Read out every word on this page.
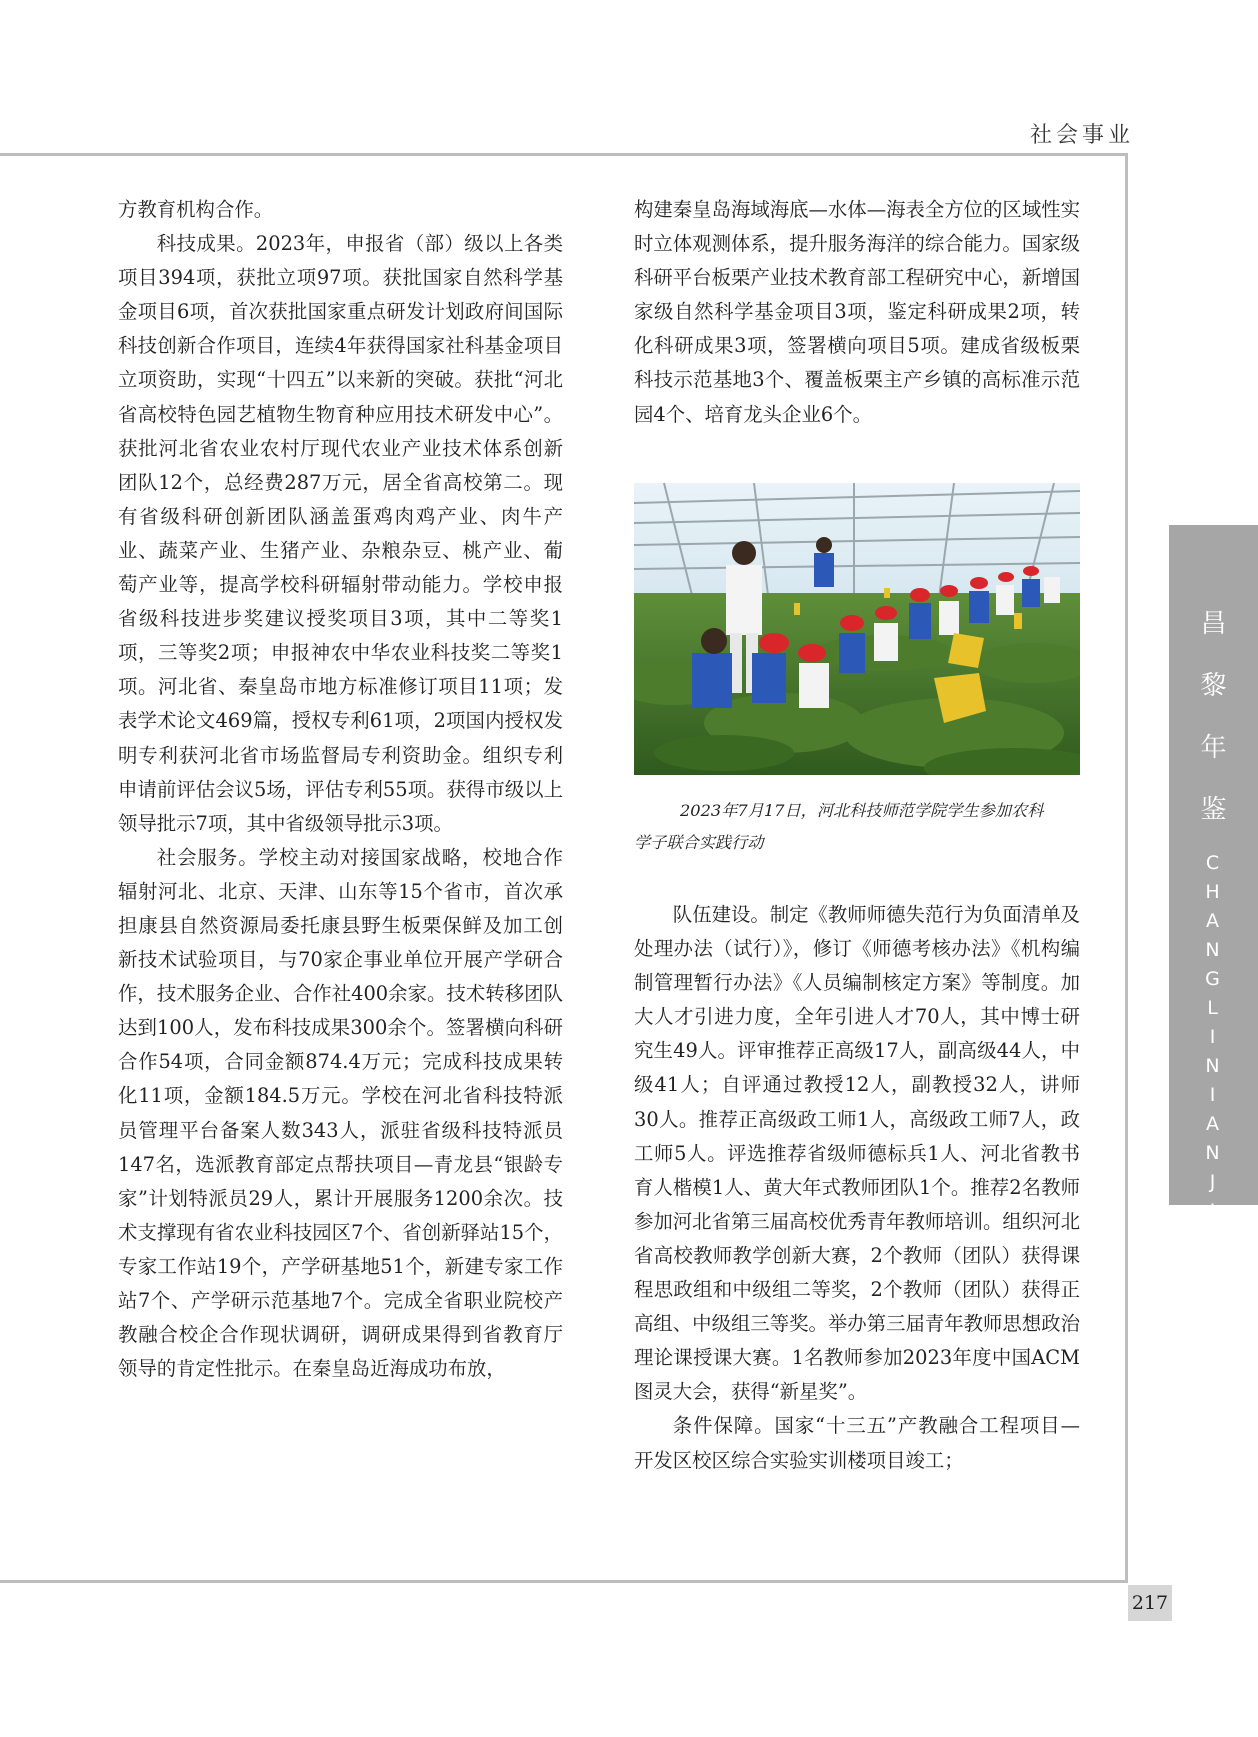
社会事业
昌
黎
年
鉴
C
H
A
N
G
L
I
N
I
A
N
J
I
A
N

方教育机构合作。

科技成果。2023年，申报省（部）级以上各类项目394项，获批立项97项。获批国家自然科学基金项目6项，首次获批国家重点研发计划政府间国际科技创新合作项目，连续4年获得国家社科基金项目立项资助，实现“十四五”以来新的突破。获批“河北省高校特色园艺植物生物育种应用技术研发中心”。获批河北省农业农村厅现代农业产业技术体系创新团队12个，总经费287万元，居全省高校第二。现有省级科研创新团队涵盖蛋鸡肉鸡产业、肉牛产业、蔬菜产业、生猪产业、杂粮杂豆、桃产业、葡萄产业等，提高学校科研辐射带动能力。学校申报省级科技进步奖建议授奖项目3项，其中二等奖1项，三等奖2项；申报神农中华农业科技奖二等奖1项。河北省、秦皇岛市地方标准修订项目11项；发表学术论文469篇，授权专利61项，2项国内授权发明专利获河北省市场监督局专利资助金。组织专利申请前评估会议5场，评估专利55项。获得市级以上领导批示7项，其中省级领导批示3项。

社会服务。学校主动对接国家战略，校地合作辐射河北、北京、天津、山东等15个省市，首次承担康县自然资源局委托康县野生板栗保鲜及加工创新技术试验项目，与70家企事业单位开展产学研合作，技术服务企业、合作社400余家。技术转移团队达到100人，发布科技成果300余个。签署横向科研合作54项，合同金额874.4万元；完成科技成果转化11项，金额184.5万元。学校在河北省科技特派员管理平台备案人数343人，派驻省级科技特派员147名，选派教育部定点帮扶项目—青龙县“银龄专家”计划特派员29人，累计开展服务1200余次。技术支撑现有省农业科技园区7个、省创新驿站15个，专家工作站19个，产学研基地51个，新建专家工作站7个、产学研示范基地7个。完成全省职业院校产教融合校企合作现状调研，调研成果得到省教育厅领导的肯定性批示。在秦皇岛近海成功布放，

构建秦皇岛海域海底—水体—海表全方位的区域性实时立体观测体系，提升服务海洋的综合能力。国家级科研平台板栗产业技术教育部工程研究中心，新增国家级自然科学基金项目3项，鉴定科研成果2项，转化科研成果3项，签署横向项目5项。建成省级板栗科技示范基地3个、覆盖板栗主产乡镇的高标准示范园4个、培育龙头企业6个。

2023年7月17日，河北科技师范学院学生参加农科
学子联合实践行动

队伍建设。制定《教师师德失范行为负面清单及处理办法（试行）》，修订《师德考核办法》《机构编制管理暂行办法》《人员编制核定方案》等制度。加大人才引进力度，全年引进人才70人，其中博士研究生49人。评审推荐正高级17人，副高级44人，中级41人；自评通过教授12人，副教授32人，讲师30人。推荐正高级政工师1人，高级政工师7人，政工师5人。评选推荐省级师德标兵1人、河北省教书育人楷模1人、黄大年式教师团队1个。推荐2名教师参加河北省第三届高校优秀青年教师培训。组织河北省高校教师教学创新大赛，2个教师（团队）获得课程思政组和中级组二等奖，2个教师（团队）获得正高组、中级组三等奖。举办第三届青年教师思想政治理论课授课大赛。1名教师参加2023年度中国ACM图灵大会，获得“新星奖”。

条件保障。国家“十三五”产教融合工程项目—开发区校区综合实验实训楼项目竣工；

217
